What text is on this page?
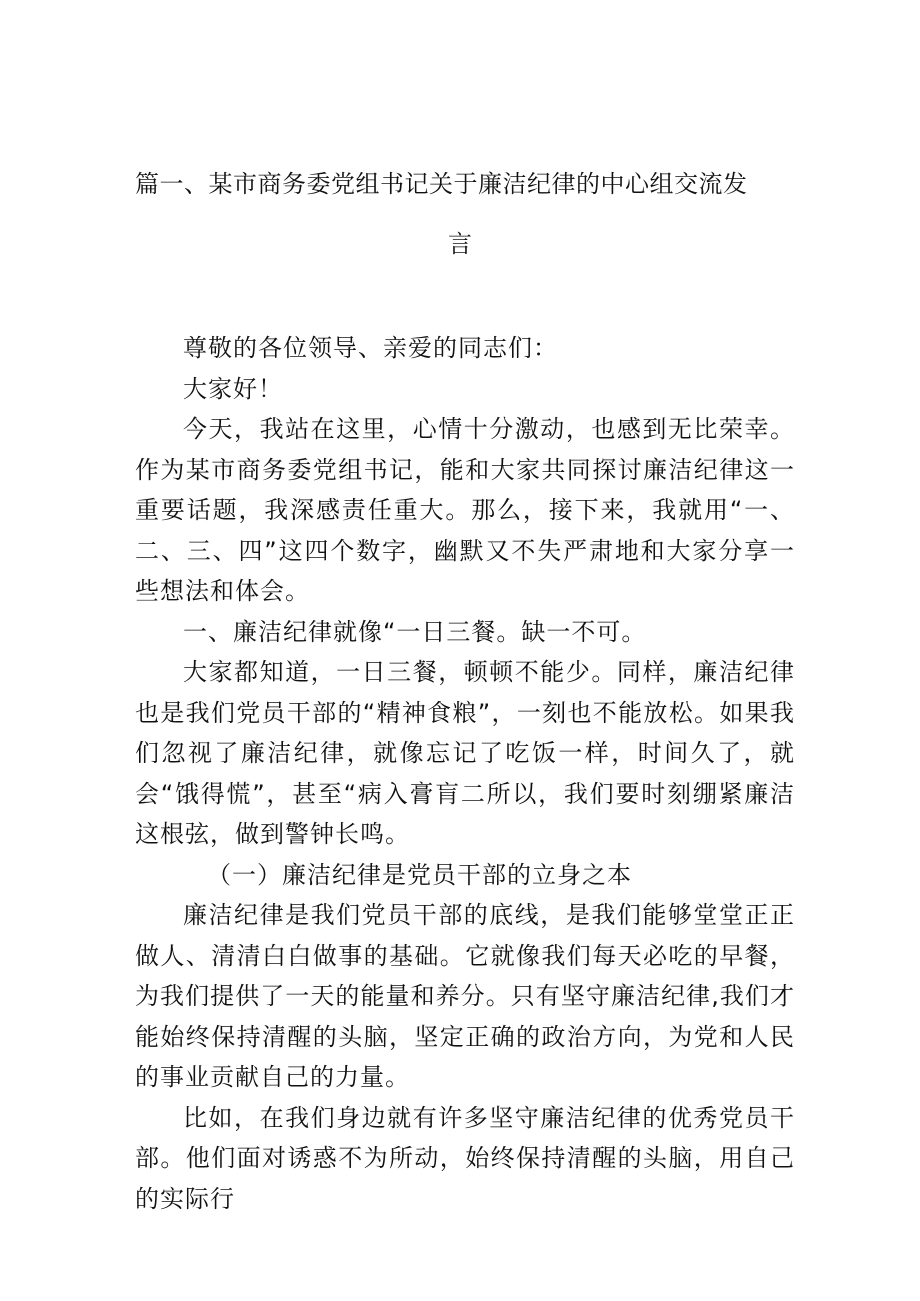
篇一、某市商务委党组书记关于廉洁纪律的中心组交流发
言

尊敬的各位领导、亲爱的同志们：

大家好！

今天，我站在这里，心情十分激动，也感到无比荣幸。作为某市商务委党组书记，能和大家共同探讨廉洁纪律这一重要话题，我深感责任重大。那么，接下来，我就用“一、二、三、四”这四个数字，幽默又不失严肃地和大家分享一些想法和体会。

一、廉洁纪律就像“一日三餐。缺一不可。

大家都知道，一日三餐，顿顿不能少。同样，廉洁纪律也是我们党员干部的“精神食粮”，一刻也不能放松。如果我们忽视了廉洁纪律，就像忘记了吃饭一样，时间久了，就会“饿得慌”，甚至“病入膏肓二所以，我们要时刻绷紧廉洁这根弦，做到警钟长鸣。

（一）廉洁纪律是党员干部的立身之本

廉洁纪律是我们党员干部的底线，是我们能够堂堂正正做人、清清白白做事的基础。它就像我们每天必吃的早餐，为我们提供了一天的能量和养分。只有坚守廉洁纪律,我们才能始终保持清醒的头脑，坚定正确的政治方向，为党和人民的事业贡献自己的力量。

比如，在我们身边就有许多坚守廉洁纪律的优秀党员干部。他们面对诱惑不为所动，始终保持清醒的头脑，用自己的实际行
